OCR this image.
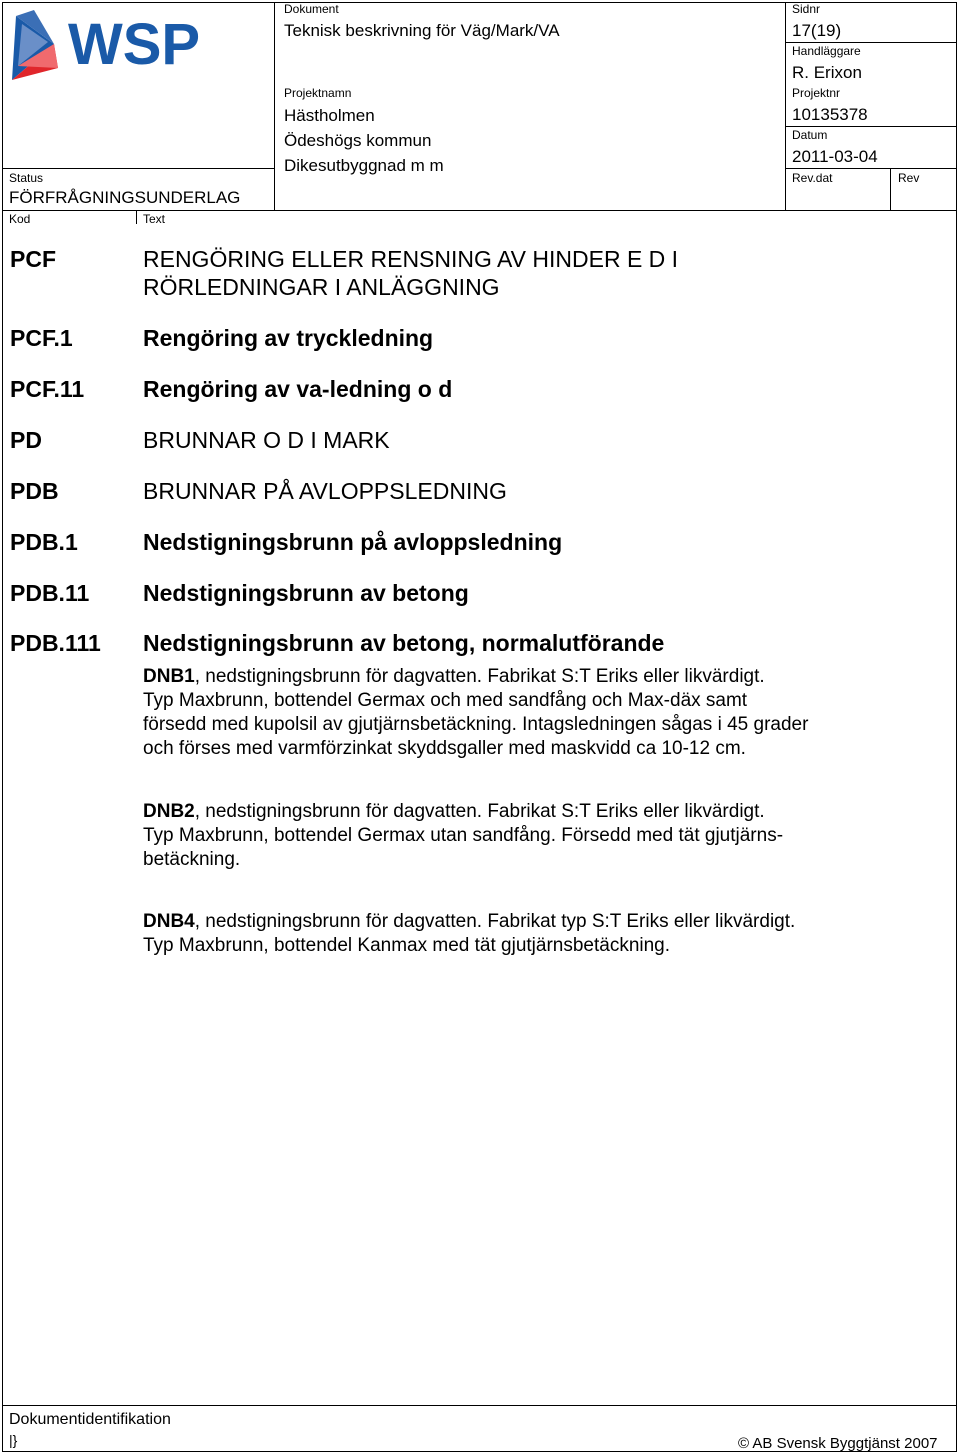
WSP
Status
FÖRFRÅGNINGSUNDERLAG
Kod	Text
Dokument
Teknisk beskrivning för Väg/Mark/VA
Projektnamn
Hästholmen
Ödeshögs kommun
Dikesutbyggnad m m
Sidnr
17(19)
Handläggare
R. Erixon
Projektnr
10135378
Datum
2011-03-04
Rev.dat	Rev
PCF	RENGÖRING ELLER RENSNING AV HINDER E D I
RÖRLEDNINGAR I ANLÄGGNING
PCF.1	Rengöring av tryckledning
PCF.11	Rengöring av va-ledning o d
PD	BRUNNAR O D I MARK
PDB	BRUNNAR PÅ AVLOPPSLEDNING
PDB.1	Nedstigningsbrunn på avloppsledning
PDB.11 Nedstigningsbrunn av betong
PDB.111 Nedstigningsbrunn av betong, normalutförande
DNB1, nedstigningsbrunn för dagvatten. Fabrikat S:T Eriks eller likvärdigt.
Typ Maxbrunn, bottendel Germax och med sandfång och Max-däx samt
försedd med kupolsil av gjutjärnsbetäckning. Intagsledningen sågas i 45 grader
och förses med varmförzinkat skyddsgaller med maskvidd ca 10-12 cm.
DNB2, nedstigningsbrunn för dagvatten. Fabrikat S:T Eriks eller likvärdigt.
Typ Maxbrunn, bottendel Germax utan sandfång. Försedd med tät gjutjärns-
betäckning.
DNB4, nedstigningsbrunn för dagvatten. Fabrikat typ S:T Eriks eller likvärdigt.
Typ Maxbrunn, bottendel Kanmax med tät gjutjärnsbetäckning.
Dokumentidentifikation
|}	© AB Svensk Byggtjänst 2007
